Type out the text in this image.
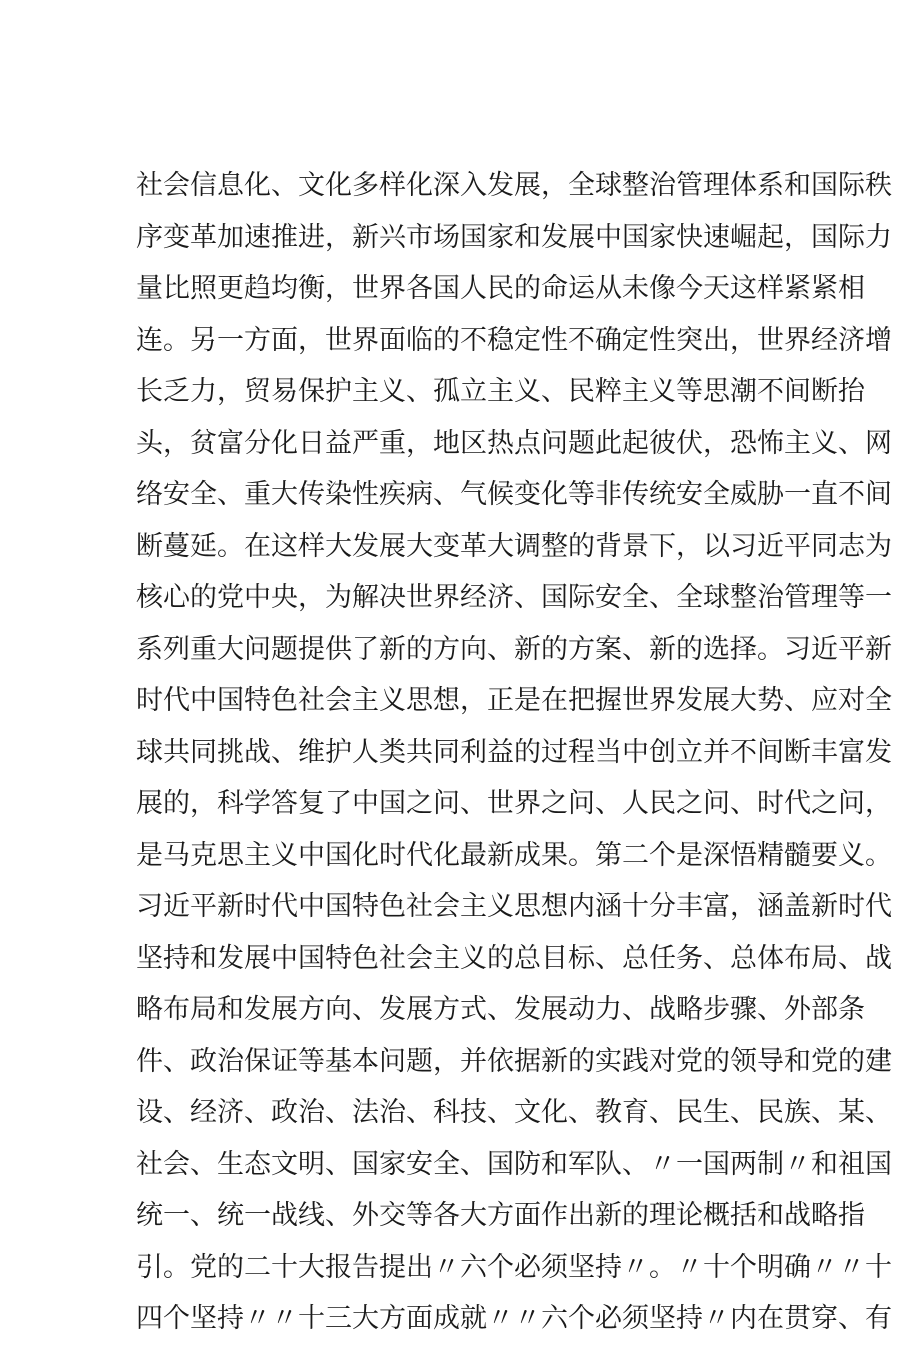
社会信息化、文化多样化深入发展，全球整治管理体系和国际秩
序变革加速推进，新兴市场国家和发展中国家快速崛起，国际力
量比照更趋均衡，世界各国人民的命运从未像今天这样紧紧相
连。另一方面，世界面临的不稳定性不确定性突出，世界经济增
长乏力，贸易保护主义、孤立主义、民粹主义等思潮不间断抬
头，贫富分化日益严重，地区热点问题此起彼伏，恐怖主义、网
络安全、重大传染性疾病、气候变化等非传统安全威胁一直不间
断蔓延。在这样大发展大变革大调整的背景下，以习近平同志为
核心的党中央，为解决世界经济、国际安全、全球整治管理等一
系列重大问题提供了新的方向、新的方案、新的选择。习近平新
时代中国特色社会主义思想，正是在把握世界发展大势、应对全
球共同挑战、维护人类共同利益的过程当中创立并不间断丰富发
展的，科学答复了中国之问、世界之问、人民之问、时代之问，
是马克思主义中国化时代化最新成果。第二个是深悟精髓要义。
习近平新时代中国特色社会主义思想内涵十分丰富，涵盖新时代
坚持和发展中国特色社会主义的总目标、总任务、总体布局、战
略布局和发展方向、发展方式、发展动力、战略步骤、外部条
件、政治保证等基本问题，并依据新的实践对党的领导和党的建
设、经济、政治、法治、科技、文化、教育、民生、民族、某、
社会、生态文明、国家安全、国防和军队、〃一国两制〃和祖国
统一、统一战线、外交等各大方面作出新的理论概括和战略指
引。党的二十大报告提出〃六个必须坚持〃。〃十个明确〃〃十
四个坚持〃〃十三大方面成就〃〃六个必须坚持〃内在贯穿、有
